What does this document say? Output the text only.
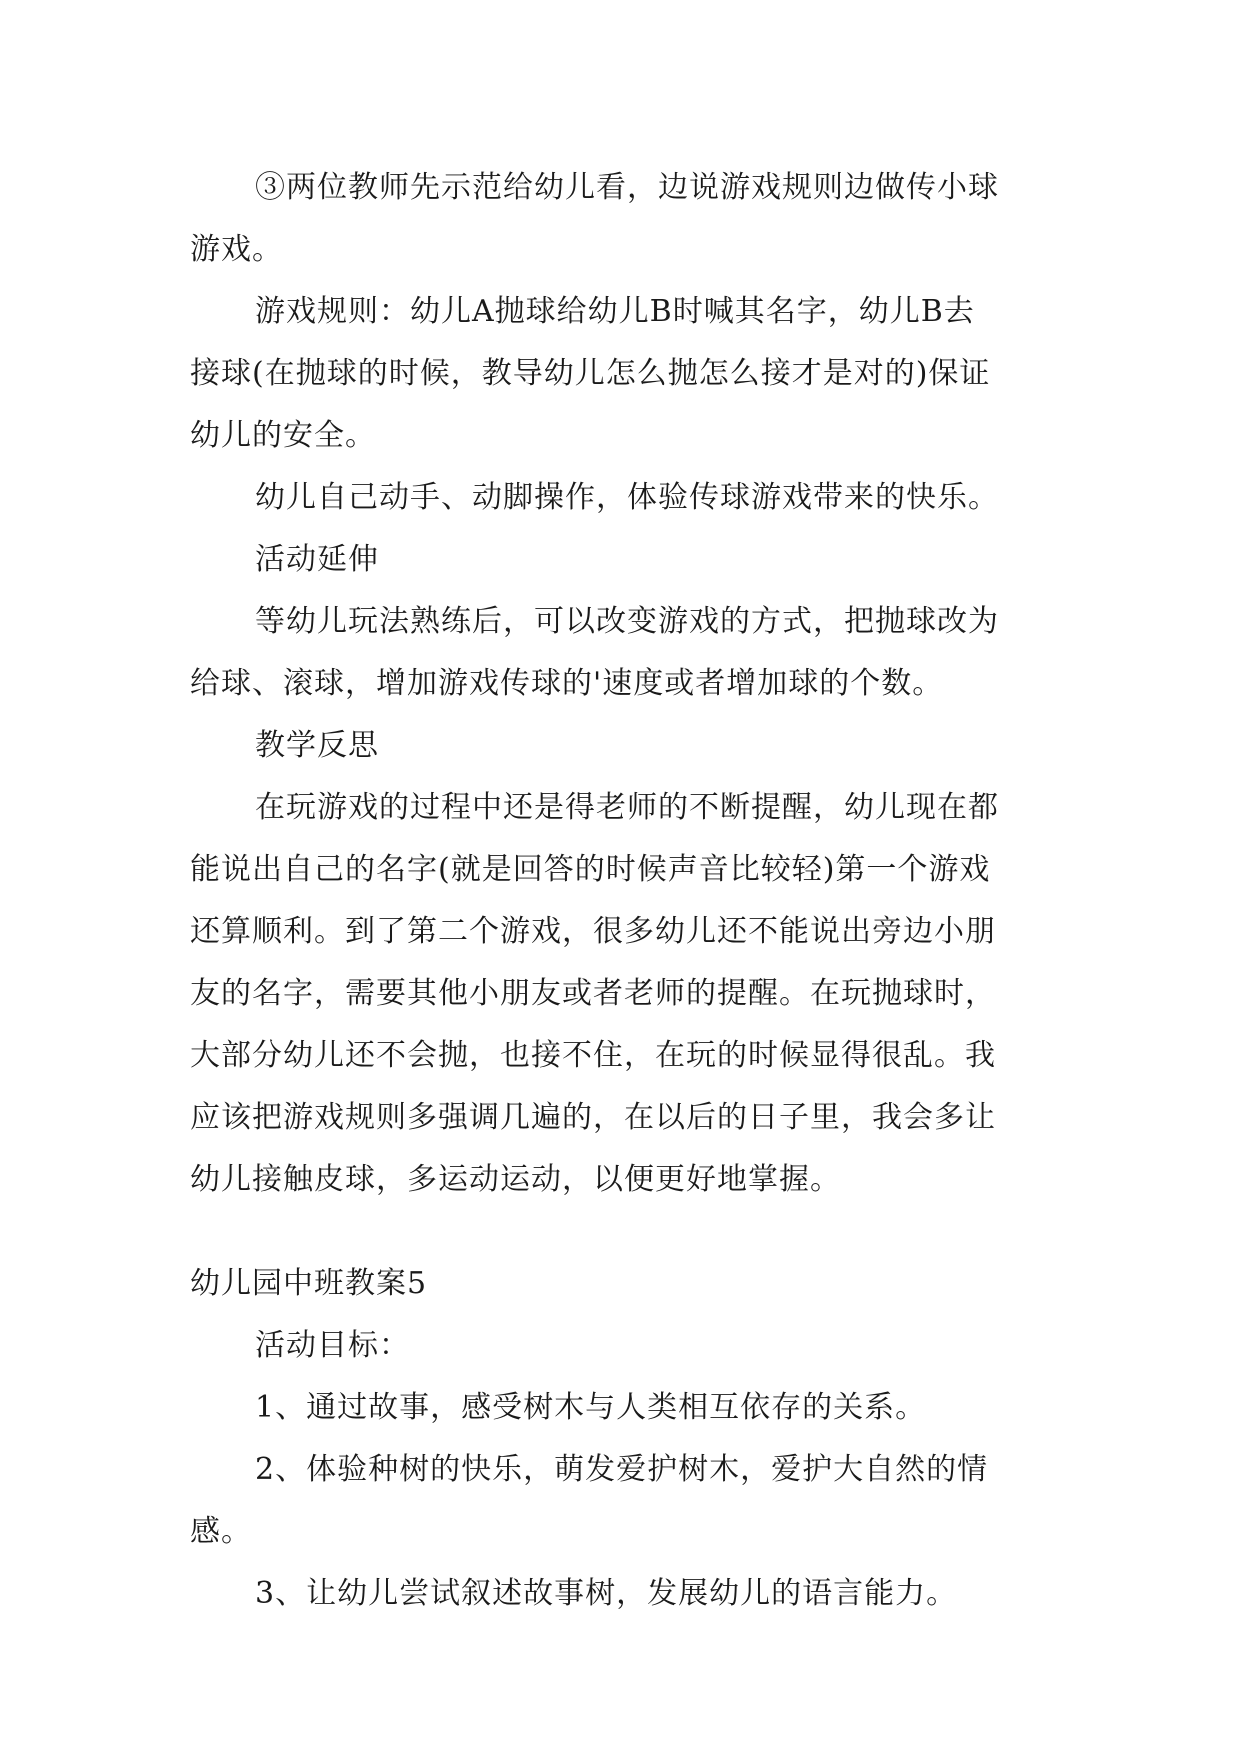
③两位教师先示范给幼儿看，边说游戏规则边做传小球
游戏。
游戏规则：幼儿A抛球给幼儿B时喊其名字，幼儿B去
接球(在抛球的时候，教导幼儿怎么抛怎么接才是对的)保证
幼儿的安全。
幼儿自己动手、动脚操作，体验传球游戏带来的快乐。
活动延伸
等幼儿玩法熟练后，可以改变游戏的方式，把抛球改为
给球、滚球，增加游戏传球的'速度或者增加球的个数。
教学反思
在玩游戏的过程中还是得老师的不断提醒，幼儿现在都
能说出自己的名字(就是回答的时候声音比较轻)第一个游戏
还算顺利。到了第二个游戏，很多幼儿还不能说出旁边小朋
友的名字，需要其他小朋友或者老师的提醒。在玩抛球时，
大部分幼儿还不会抛，也接不住，在玩的时候显得很乱。我
应该把游戏规则多强调几遍的，在以后的日子里，我会多让
幼儿接触皮球，多运动运动，以便更好地掌握。
幼儿园中班教案5
活动目标：
1、通过故事，感受树木与人类相互依存的关系。
2、体验种树的快乐，萌发爱护树木，爱护大自然的情
感。
3、让幼儿尝试叙述故事树，发展幼儿的语言能力。
